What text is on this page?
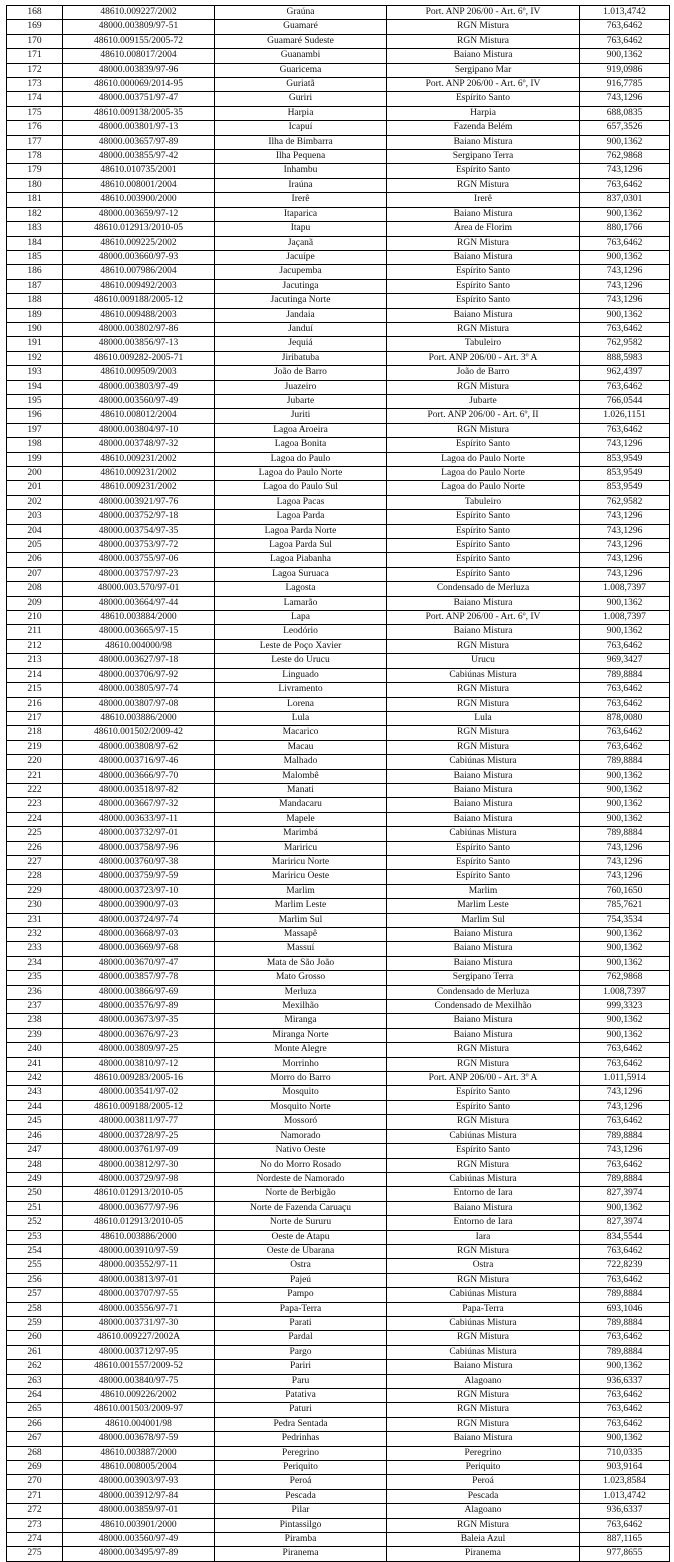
168	48610.009227/2002	Graúna	Port. ANP 206/00 - Art. 6º, IV	1.013,4742
169	48000.003809/97-51	Guamaré	RGN Mistura	763,6462
170	48610.009155/2005-72	Guamaré Sudeste	RGN Mistura	763,6462
171	48610.008017/2004	Guanambi	Baiano Mistura	900,1362
172	48000.003839/97-96	Guaricema	Sergipano Mar	919,0986
173	48610.000069/2014-95	Guriatã	Port. ANP 206/00 - Art. 6º, IV	916,7785
174	48000.003751/97-47	Guriri	Espírito Santo	743,1296
175	48610.009138/2005-35	Harpia	Harpia	688,0835
176	48000.003801/97-13	Icapuí	Fazenda Belém	657,3526
177	48000.003657/97-89	Ilha de Bimbarra	Baiano Mistura	900,1362
178	48000.003855/97-42	Ilha Pequena	Sergipano Terra	762,9868
179	48610.010735/2001	Inhambu	Espírito Santo	743,1296
180	48610.008001/2004	Iraúna	RGN Mistura	763,6462
181	48610.003900/2000	Irerê	Irerê	837,0301
182	48000.003659/97-12	Itaparica	Baiano Mistura	900,1362
183	48610.012913/2010-05	Itapu	Área de Florim	880,1766
184	48610.009225/2002	Jaçanã	RGN Mistura	763,6462
185	48000.003660/97-93	Jacuípe	Baiano Mistura	900,1362
186	48610.007986/2004	Jacupemba	Espírito Santo	743,1296
187	48610.009492/2003	Jacutinga	Espírito Santo	743,1296
188	48610.009188/2005-12	Jacutinga Norte	Espírito Santo	743,1296
189	48610.009488/2003	Jandaia	Baiano Mistura	900,1362
190	48000.003802/97-86	Janduí	RGN Mistura	763,6462
191	48000.003856/97-13	Jequiá	Tabuleiro	762,9582
192	48610.009282-2005-71	Jiribatuba	Port. ANP 206/00 - Art. 3º A	888,5983
193	48610.009509/2003	João de Barro	João de Barro	962,4397
194	48000.003803/97-49	Juazeiro	RGN Mistura	763,6462
195	48000.003560/97-49	Jubarte	Jubarte	766,0544
196	48610.008012/2004	Juriti	Port. ANP 206/00 - Art. 6º, II	1.026,1151
197	48000.003804/97-10	Lagoa Aroeira	RGN Mistura	763,6462
198	48000.003748/97-32	Lagoa Bonita	Espírito Santo	743,1296
199	48610.009231/2002	Lagoa do Paulo	Lagoa do Paulo Norte	853,9549
200	48610.009231/2002	Lagoa do Paulo Norte	Lagoa do Paulo Norte	853,9549
201	48610.009231/2002	Lagoa do Paulo Sul	Lagoa do Paulo Norte	853,9549
202	48000.003921/97-76	Lagoa Pacas	Tabuleiro	762,9582
203	48000.003752/97-18	Lagoa Parda	Espírito Santo	743,1296
204	48000.003754/97-35	Lagoa Parda Norte	Espírito Santo	743,1296
205	48000.003753/97-72	Lagoa Parda Sul	Espírito Santo	743,1296
206	48000.003755/97-06	Lagoa Piabanha	Espírito Santo	743,1296
207	48000.003757/97-23	Lagoa Suruaca	Espírito Santo	743,1296
208	48000.003.570/97-01	Lagosta	Condensado de Merluza	1.008,7397
209	48000.003664/97-44	Lamarão	Baiano Mistura	900,1362
210	48610.003884/2000	Lapa	Port. ANP 206/00 - Art. 6º, IV	1.008,7397
211	48000.003665/97-15	Leodório	Baiano Mistura	900,1362
212	48610.004000/98	Leste de Poço Xavier	RGN Mistura	763,6462
213	48000.003627/97-18	Leste do Urucu	Urucu	969,3427
214	48000.003706/97-92	Linguado	Cabiúnas Mistura	789,8884
215	48000.003805/97-74	Livramento	RGN Mistura	763,6462
216	48000.003807/97-08	Lorena	RGN Mistura	763,6462
217	48610.003886/2000	Lula	Lula	878,0080
218	48610.001502/2009-42	Macarico	RGN Mistura	763,6462
219	48000.003808/97-62	Macau	RGN Mistura	763,6462
220	48000.003716/97-46	Malhado	Cabiúnas Mistura	789,8884
221	48000.003666/97-70	Malombê	Baiano Mistura	900,1362
222	48000.003518/97-82	Manati	Baiano Mistura	900,1362
223	48000.003667/97-32	Mandacaru	Baiano Mistura	900,1362
224	48000.003633/97-11	Mapele	Baiano Mistura	900,1362
225	48000.003732/97-01	Marimbá	Cabiúnas Mistura	789,8884
226	48000.003758/97-96	Mariricu	Espírito Santo	743,1296
227	48000.003760/97-38	Mariricu Norte	Espírito Santo	743,1296
228	48000.003759/97-59	Mariricu Oeste	Espírito Santo	743,1296
229	48000.003723/97-10	Marlim	Marlim	760,1650
230	48000.003900/97-03	Marlim Leste	Marlim Leste	785,7621
231	48000.003724/97-74	Marlim Sul	Marlim Sul	754,3534
232	48000.003668/97-03	Massapê	Baiano Mistura	900,1362
233	48000.003669/97-68	Massuí	Baiano Mistura	900,1362
234	48000.003670/97-47	Mata de São João	Baiano Mistura	900,1362
235	48000.003857/97-78	Mato Grosso	Sergipano Terra	762,9868
236	48000.003866/97-69	Merluza	Condensado de Merluza	1.008,7397
237	48000.003576/97-89	Mexilhão	Condensado de Mexilhão	999,3323
238	48000.003673/97-35	Miranga	Baiano Mistura	900,1362
239	48000.003676/97-23	Miranga Norte	Baiano Mistura	900,1362
240	48000.003809/97-25	Monte Alegre	RGN Mistura	763,6462
241	48000.003810/97-12	Morrinho	RGN Mistura	763,6462
242	48610.009283/2005-16	Morro do Barro	Port. ANP 206/00 - Art. 3º A	1.011,5914
243	48000.003541/97-02	Mosquito	Espírito Santo	743,1296
244	48610.009188/2005-12	Mosquito Norte	Espírito Santo	743,1296
245	48000.003811/97-77	Mossoró	RGN Mistura	763,6462
246	48000.003728/97-25	Namorado	Cabiúnas Mistura	789,8884
247	48000.003761/97-09	Nativo Oeste	Espírito Santo	743,1296
248	48000.003812/97-30	No do Morro Rosado	RGN Mistura	763,6462
249	48000.003729/97-98	Nordeste de Namorado	Cabiúnas Mistura	789,8884
250	48610.012913/2010-05	Norte de Berbigão	Entorno de Iara	827,3974
251	48000.003677/97-96	Norte de Fazenda Caruaçu	Baiano Mistura	900,1362
252	48610.012913/2010-05	Norte de Sururu	Entorno de Iara	827,3974
253	48610.003886/2000	Oeste de Atapu	Iara	834,5544
254	48000.003910/97-59	Oeste de Ubarana	RGN Mistura	763,6462
255	48000.003552/97-11	Ostra	Ostra	722,8239
256	48000.003813/97-01	Pajeú	RGN Mistura	763,6462
257	48000.003707/97-55	Pampo	Cabiúnas Mistura	789,8884
258	48000.003556/97-71	Papa-Terra	Papa-Terra	693,1046
259	48000.003731/97-30	Parati	Cabiúnas Mistura	789,8884
260	48610.009227/2002A	Pardal	RGN Mistura	763,6462
261	48000.003712/97-95	Pargo	Cabiúnas Mistura	789,8884
262	48610.001557/2009-52	Pariri	Baiano Mistura	900,1362
263	48000.003840/97-75	Paru	Alagoano	936,6337
264	48610.009226/2002	Patativa	RGN Mistura	763,6462
265	48610.001503/2009-97	Paturi	RGN Mistura	763,6462
266	48610.004001/98	Pedra Sentada	RGN Mistura	763,6462
267	48000.003678/97-59	Pedrinhas	Baiano Mistura	900,1362
268	48610.003887/2000	Peregrino	Peregrino	710,0335
269	48610.008005/2004	Periquito	Periquito	903,9164
270	48000.003903/97-93	Peroá	Peroá	1.023,8584
271	48000.003912/97-84	Pescada	Pescada	1.013,4742
272	48000.003859/97-01	Pilar	Alagoano	936,6337
273	48610.003901/2000	Pintassilgo	RGN Mistura	763,6462
274	48000.003560/97-49	Piramba	Baleia Azul	887,1165
275	48000.003495/97-89	Piranema	Piranema	977,8655
